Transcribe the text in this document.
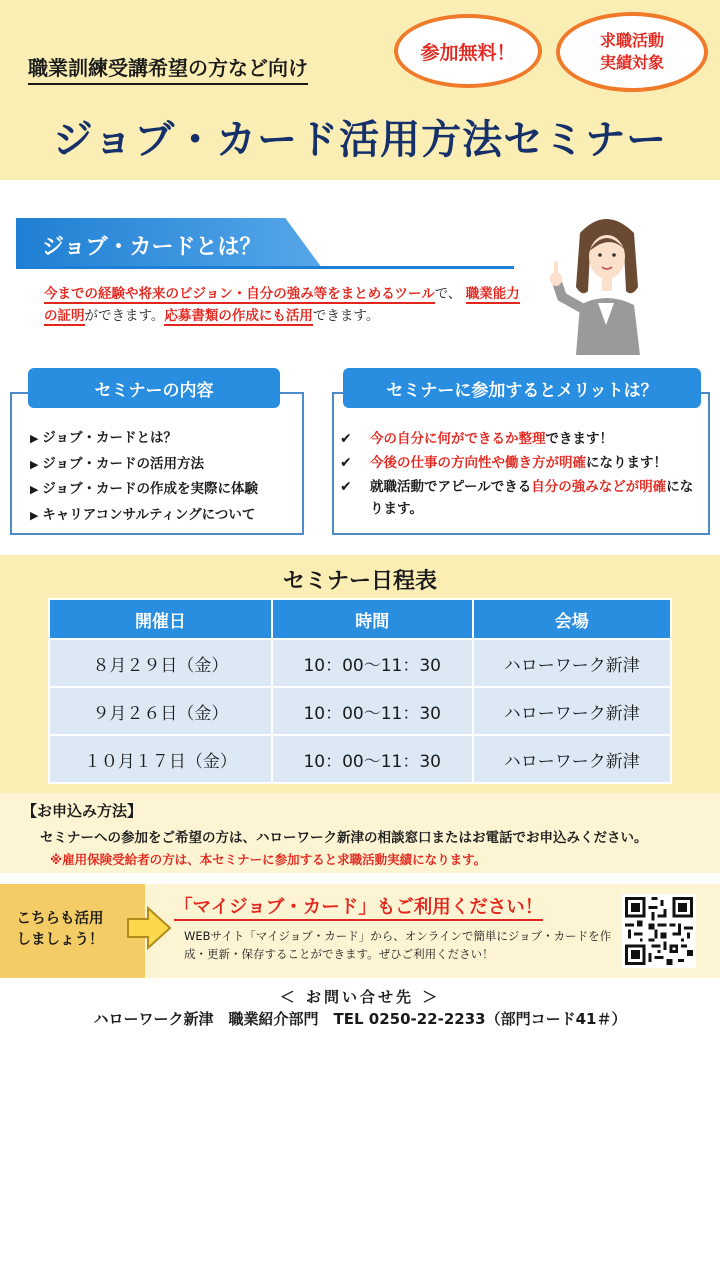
職業訓練受講希望の方など向け
参加無料！
求職活動
実績対象
ジョブ・カード活用方法セミナー
ジョブ・カードとは？
今までの経験や将来のビジョン・自分の強み等をまとめるツールで、 職業能力の証明ができます。応募書類の作成にも活用できます。
セミナーの内容
▶ ジョブ・カードとは？
▶ ジョブ・カードの活用方法
▶ ジョブ・カードの作成を実際に体験
▶ キャリアコンサルティングについて
セミナーに参加するとメリットは？
✔	今の自分に何ができるか整理できます！
✔	今後の仕事の方向性や働き方が明確になります！
✔	就職活動でアピールできる自分の強みなどが明確になります。
セミナー日程表
開催日	時間	会場
８月２９日（金）	10：00～11：30	ハローワーク新津
９月２６日（金）	10：00～11：30	ハローワーク新津
１０月１７日（金）	10：00～11：30	ハローワーク新津
【お申込み方法】
セミナーへの参加をご希望の方は、ハローワーク新津の相談窓口またはお電話でお申込みください。
※雇用保険受給者の方は、本セミナーに参加すると求職活動実績になります。
こちらも活用
しましょう！
「マイジョブ・カード」もご利用ください！
WEBサイト「マイジョブ・カード」から、オンラインで簡単にジョブ・カードを作成・更新・保存することができます。ぜひご利用ください！
＜ お問い合せ先 ＞
ハローワーク新津　職業紹介部門　TEL 0250-22-2233（部門コード41＃）
